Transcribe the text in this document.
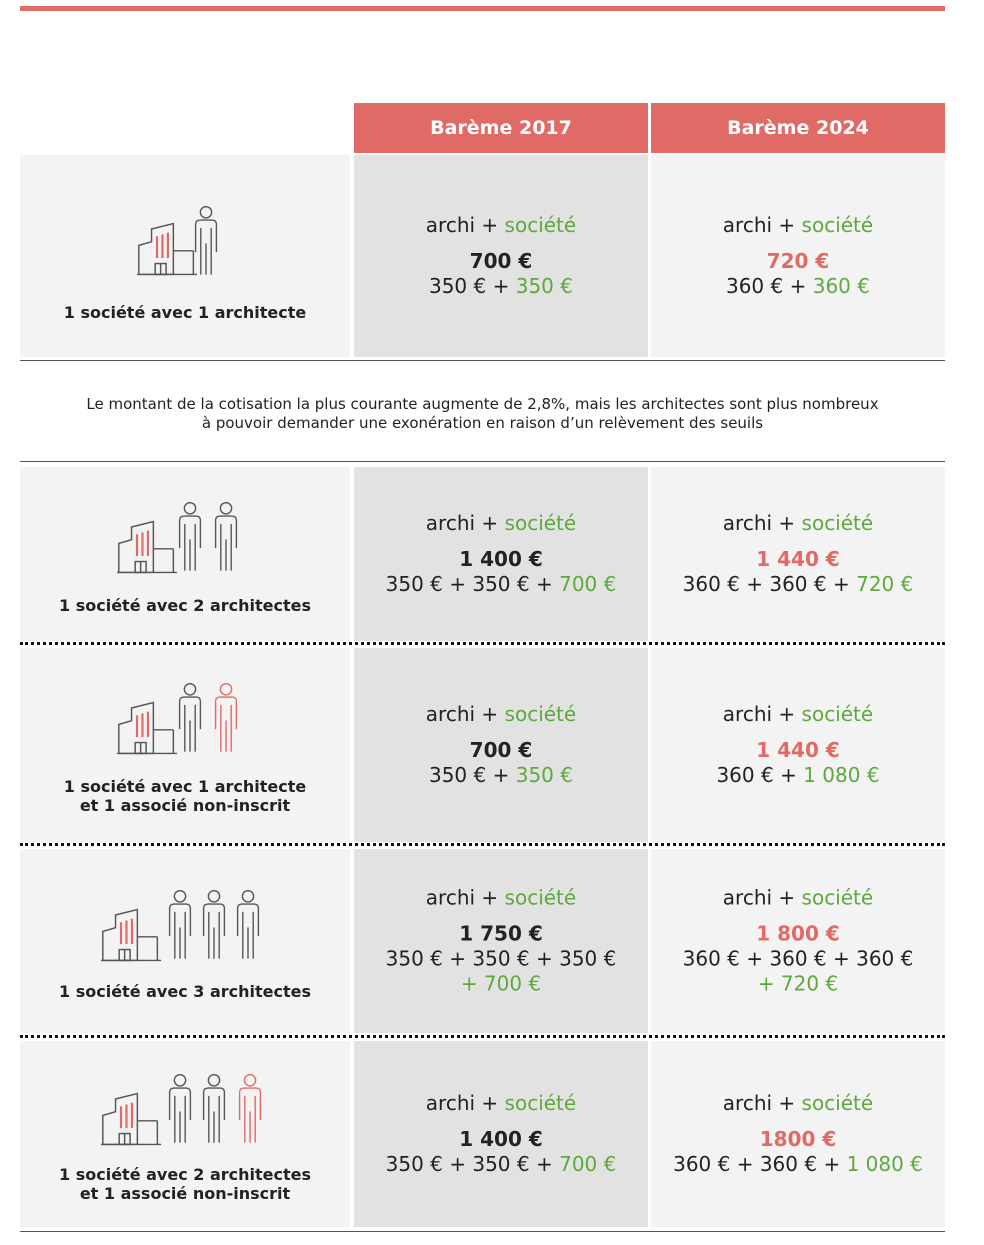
Barème 2017	Barème 2024
1 société avec 1 architecte
archi + société
700 €
350 € + 350 €
archi + société
720 €
360 € + 360 €
Le montant de la cotisation la plus courante augmente de 2,8%, mais les architectes sont plus nombreux
à pouvoir demander une exonération en raison d’un relèvement des seuils
1 société avec 2 architectes
archi + société
1 400 €
350 € + 350 € + 700 €
archi + société
1 440 €
360 € + 360 € + 720 €
1 société avec 1 architecte
et 1 associé non-inscrit
archi + société
700 €
350 € + 350 €
archi + société
1 440 €
360 € + 1 080 €
1 société avec 3 architectes
archi + société
1 750 €
350 € + 350 € + 350 €
+ 700 €
archi + société
1 800 €
360 € + 360 € + 360 €
+ 720 €
1 société avec 2 architectes
et 1 associé non-inscrit
archi + société
1 400 €
350 € + 350 € + 700 €
archi + société
1800 €
360 € + 360 € + 1 080 €
